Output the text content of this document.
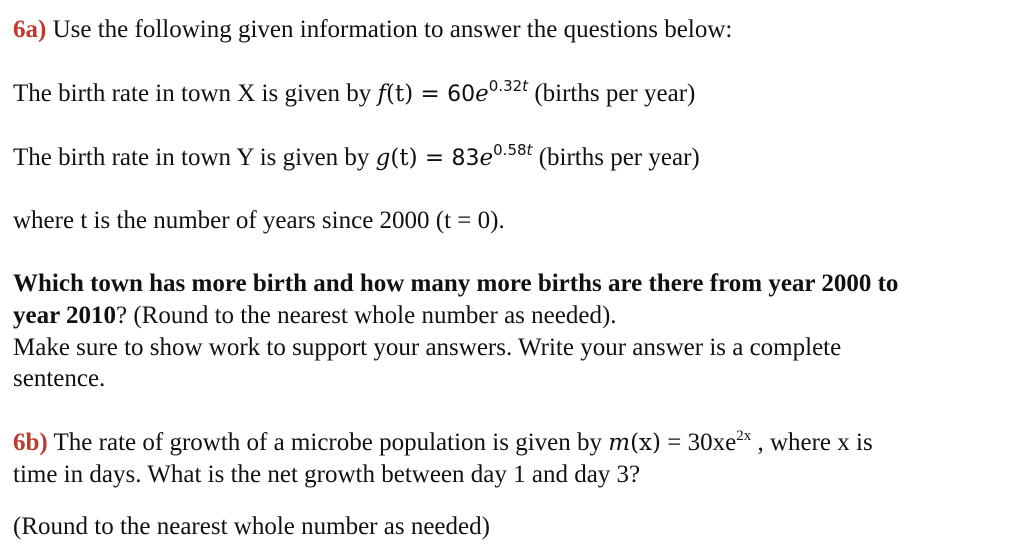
6a) Use the following given information to answer the questions below:
The birth rate in town X is given by $f(t) = 60e^{0.32t}$ (births per year)
The birth rate in town Y is given by $g(t) = 83e^{0.58t}$ (births per year)
where t is the number of years since 2000 (t = 0).
Which town has more birth and how many more births are there from year 2000 to
year 2010? (Round to the nearest whole number as needed).
Make sure to show work to support your answers. Write your answer is a complete
sentence.
6b) The rate of growth of a microbe population is given by $m(x) = 30xe^{2x}$ , where x is
time in days. What is the net growth between day 1 and day 3?
(Round to the nearest whole number as needed)
